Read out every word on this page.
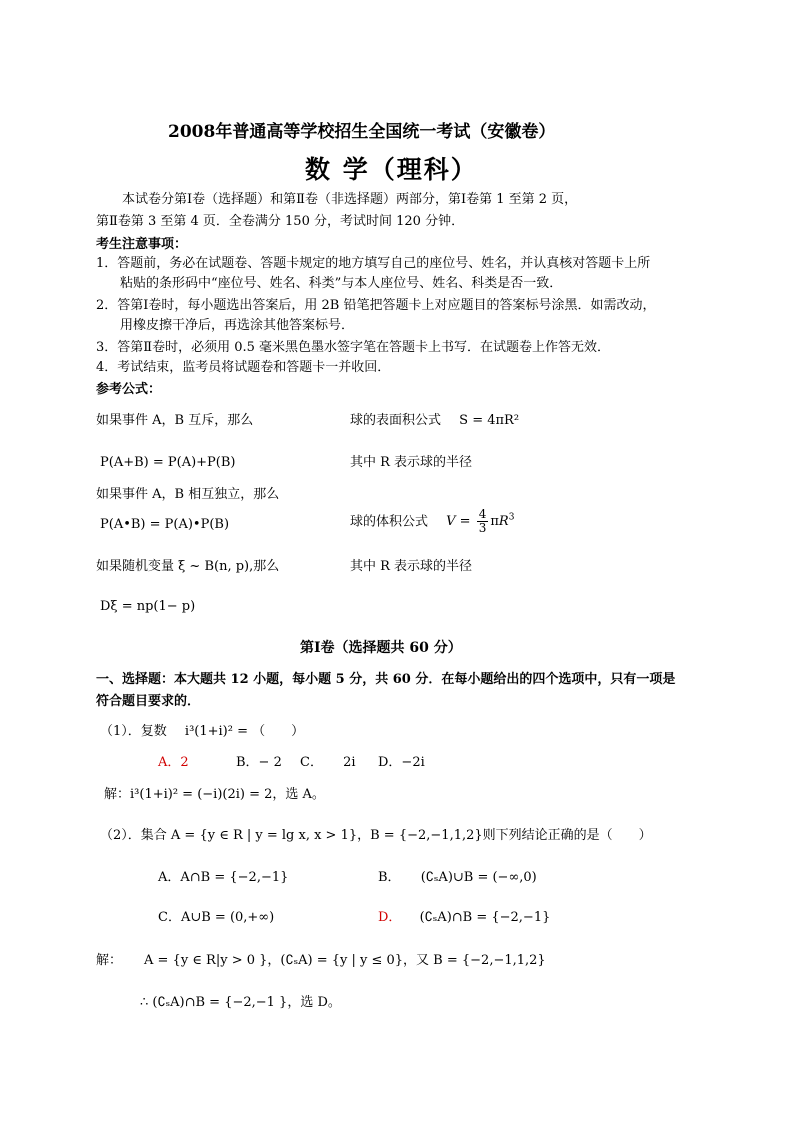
2008年普通高等学校招生全国统一考试（安徽卷）
数 学（理科）
本试卷分第Ⅰ卷（选择题）和第Ⅱ卷（非选择题）两部分，第Ⅰ卷第 1 至第 2 页，
第Ⅱ卷第 3 至第 4 页．全卷满分 150 分，考试时间 120 分钟．
考生注意事项：
1．答题前，务必在试题卷、答题卡规定的地方填写自己的座位号、姓名，并认真核对答题卡上所
粘贴的条形码中“座位号、姓名、科类”与本人座位号、姓名、科类是否一致．
2．答第Ⅰ卷时，每小题选出答案后，用 2B 铅笔把答题卡上对应题目的答案标号涂黑．如需改动，
用橡皮擦干净后，再选涂其他答案标号．
3．答第Ⅱ卷时，必须用 0.5 毫米黑色墨水签字笔在答题卡上书写．在试题卷上作答无效．
4．考试结束，监考员将试题卷和答题卡一并收回．
参考公式：
如果事件 A，B 互斥，那么	球的表面积公式 S = 4πR²
P(A+B) = P(A)+P(B)	其中 R 表示球的半径
如果事件 A，B 相互独立，那么
P(A•B) = P(A)•P(B)	球的体积公式 $V = \frac{4}{3} \pi R^3$
如果随机变量 ξ ~ B(n, p),那么	其中 R 表示球的半径
Dξ = np(1− p)
第Ⅰ卷（选择题共 60 分）
一、选择题：本大题共 12 小题，每小题 5 分，共 60 分．在每小题给出的四个选项中，只有一项是
符合题目要求的．
（1）．复数 i³(1+i)² = （　　）
A．2	B．− 2 C． 2i D．−2i
解：i³(1+i)² = (−i)(2i) = 2，选 A。
（2）．集合 A = {y ∈ R | y = lg x, x > 1}，B = {−2,−1,1,2}则下列结论正确的是（　　）
A．A∩B = {−2,−1}	B． (∁ₛA)∪B = (−∞,0)
C．A∪B = (0,+∞)	D． (∁ₛA)∩B = {−2,−1}
解： A = {y ∈ R|y > 0 }，(∁ₛA) = {y | y ≤ 0}，又 B = {−2,−1,1,2}
∴ (∁ₛA)∩B = {−2,−1 }，选 D。
